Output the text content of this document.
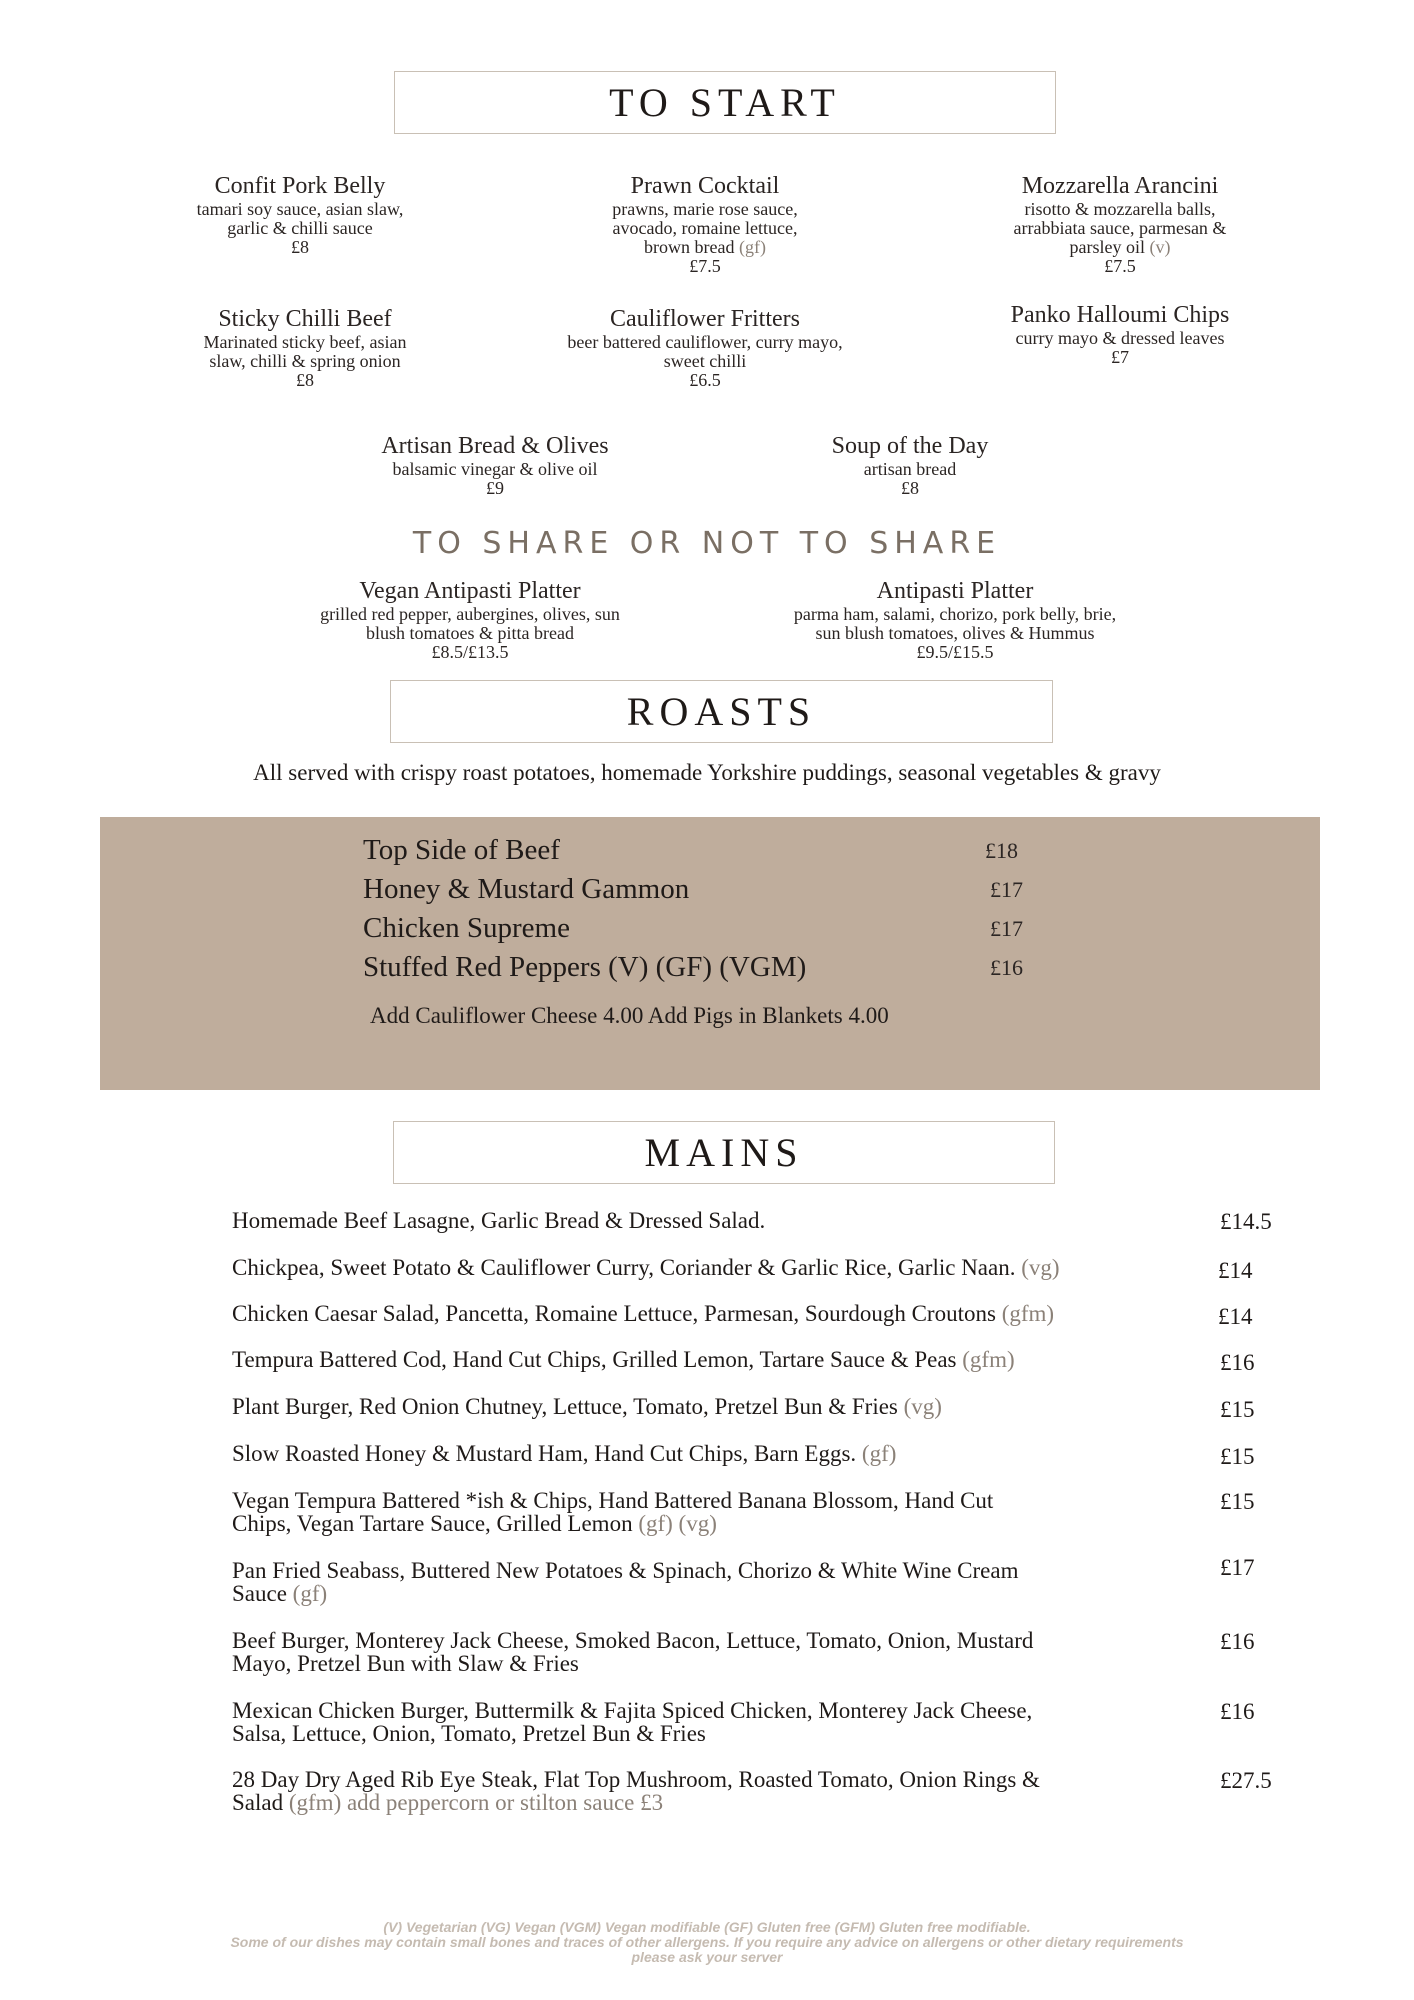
TO START
Confit Pork Belly
tamari soy sauce, asian slaw,
garlic & chilli sauce
£8
Prawn Cocktail
prawns, marie rose sauce,
avocado, romaine lettuce,
brown bread (gf)
£7.5
Mozzarella Arancini
risotto & mozzarella balls,
arrabbiata sauce, parmesan &
parsley oil (v)
£7.5
Sticky Chilli Beef
Marinated sticky beef, asian
slaw, chilli & spring onion
£8
Cauliflower Fritters
beer battered cauliflower, curry mayo,
sweet chilli
£6.5
Panko Halloumi Chips
curry mayo & dressed leaves
£7
Artisan Bread & Olives
balsamic vinegar & olive oil
£9
Soup of the Day
artisan bread
£8
TO SHARE OR NOT TO SHARE
Vegan Antipasti Platter
grilled red pepper, aubergines, olives, sun
blush tomatoes & pitta bread
£8.5/£13.5
Antipasti Platter
parma ham, salami, chorizo, pork belly, brie,
sun blush tomatoes, olives & Hummus
£9.5/£15.5
ROASTS
All served with crispy roast potatoes, homemade Yorkshire puddings, seasonal vegetables & gravy
Top Side of Beef	£18
Honey & Mustard Gammon	£17
Chicken Supreme	£17
Stuffed Red Peppers (V) (GF) (VGM)	£16
Add Cauliflower Cheese 4.00 Add Pigs in Blankets 4.00
MAINS
Homemade Beef Lasagne, Garlic Bread & Dressed Salad.	£14.5
Chickpea, Sweet Potato & Cauliflower Curry, Coriander & Garlic Rice, Garlic Naan. (vg)	£14
Chicken Caesar Salad, Pancetta, Romaine Lettuce, Parmesan, Sourdough Croutons (gfm)	£14
Tempura Battered Cod, Hand Cut Chips, Grilled Lemon, Tartare Sauce & Peas (gfm)	£16
Plant Burger, Red Onion Chutney, Lettuce, Tomato, Pretzel Bun & Fries (vg)	£15
Slow Roasted Honey & Mustard Ham, Hand Cut Chips, Barn Eggs. (gf)	£15
Vegan Tempura Battered *ish & Chips, Hand Battered Banana Blossom, Hand Cut
Chips, Vegan Tartare Sauce, Grilled Lemon (gf) (vg)
£15
Pan Fried Seabass, Buttered New Potatoes & Spinach, Chorizo & White Wine Cream
Sauce (gf)
£17
Beef Burger, Monterey Jack Cheese, Smoked Bacon, Lettuce, Tomato, Onion, Mustard
Mayo, Pretzel Bun with Slaw & Fries
£16
Mexican Chicken Burger, Buttermilk & Fajita Spiced Chicken, Monterey Jack Cheese,
Salsa, Lettuce, Onion, Tomato, Pretzel Bun & Fries
£16
28 Day Dry Aged Rib Eye Steak, Flat Top Mushroom, Roasted Tomato, Onion Rings &
Salad (gfm) add peppercorn or stilton sauce £3
£27.5
(V) Vegetarian (VG) Vegan (VGM) Vegan modifiable (GF) Gluten free (GFM) Gluten free modifiable.
Some of our dishes may contain small bones and traces of other allergens. If you require any advice on allergens or other dietary requirements
please ask your server
